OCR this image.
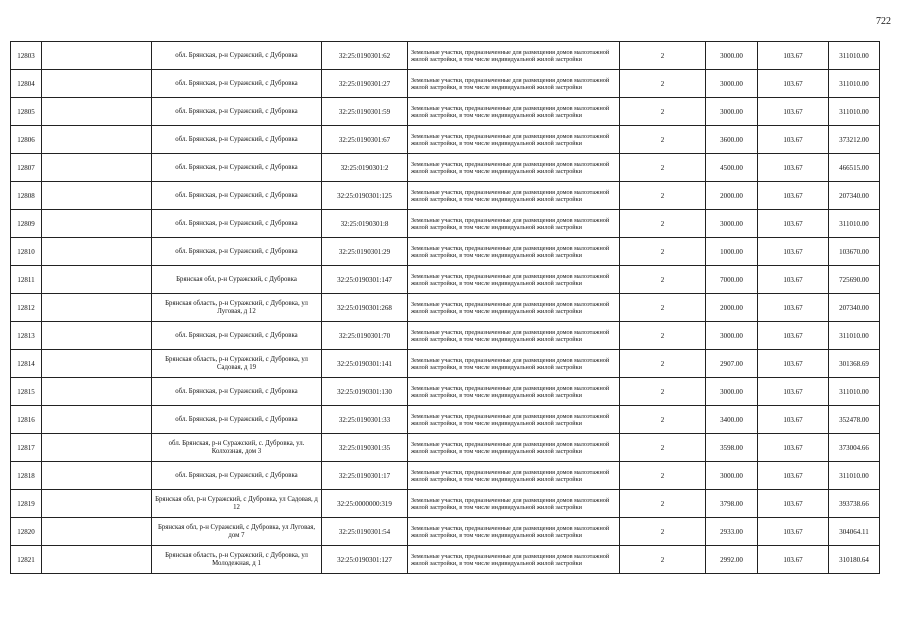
722
12803		обл. Брянская, р-н Суражский, с Дубровка	32:25:0190301:62	Земельные участки, предназначенные для размещения домов малоэтажной жилой застройки, в том числе индивидуальной жилой застройки	2	3000.00	103.67	311010.00
12804		обл. Брянская, р-н Суражский, с Дубровка	32:25:0190301:27	Земельные участки, предназначенные для размещения домов малоэтажной жилой застройки, в том числе индивидуальной жилой застройки	2	3000.00	103.67	311010.00
12805		обл. Брянская, р-н Суражский, с Дубровка	32:25:0190301:59	Земельные участки, предназначенные для размещения домов малоэтажной жилой застройки, в том числе индивидуальной жилой застройки	2	3000.00	103.67	311010.00
12806		обл. Брянская, р-н Суражский, с Дубровка	32:25:0190301:67	Земельные участки, предназначенные для размещения домов малоэтажной жилой застройки, в том числе индивидуальной жилой застройки	2	3600.00	103.67	373212.00
12807		обл. Брянская, р-н Суражский, с Дубровка	32:25:0190301:2	Земельные участки, предназначенные для размещения домов малоэтажной жилой застройки, в том числе индивидуальной жилой застройки	2	4500.00	103.67	466515.00
12808		обл. Брянская, р-н Суражский, с Дубровка	32:25:0190301:125	Земельные участки, предназначенные для размещения домов малоэтажной жилой застройки, в том числе индивидуальной жилой застройки	2	2000.00	103.67	207340.00
12809		обл. Брянская, р-н Суражский, с Дубровка	32:25:0190301:8	Земельные участки, предназначенные для размещения домов малоэтажной жилой застройки, в том числе индивидуальной жилой застройки	2	3000.00	103.67	311010.00
12810		обл. Брянская, р-н Суражский, с Дубровка	32:25:0190301:29	Земельные участки, предназначенные для размещения домов малоэтажной жилой застройки, в том числе индивидуальной жилой застройки	2	1000.00	103.67	103670.00
12811		Брянская обл, р-н Суражский, с Дубровка	32:25:0190301:147	Земельные участки, предназначенные для размещения домов малоэтажной жилой застройки, в том числе индивидуальной жилой застройки	2	7000.00	103.67	725690.00
12812		Брянская область, р-н Суражский, с Дубровка, ул Луговая, д 12	32:25:0190301:268	Земельные участки, предназначенные для размещения домов малоэтажной жилой застройки, в том числе индивидуальной жилой застройки	2	2000.00	103.67	207340.00
12813		обл. Брянская, р-н Суражский, с Дубровка	32:25:0190301:70	Земельные участки, предназначенные для размещения домов малоэтажной жилой застройки, в том числе индивидуальной жилой застройки	2	3000.00	103.67	311010.00
12814		Брянская область, р-н Суражский, с Дубровка, ул Садовая, д 19	32:25:0190301:141	Земельные участки, предназначенные для размещения домов малоэтажной жилой застройки, в том числе индивидуальной жилой застройки	2	2907.00	103.67	301368.69
12815		обл. Брянская, р-н Суражский, с Дубровка	32:25:0190301:130	Земельные участки, предназначенные для размещения домов малоэтажной жилой застройки, в том числе индивидуальной жилой застройки	2	3000.00	103.67	311010.00
12816		обл. Брянская, р-н Суражский, с Дубровка	32:25:0190301:33	Земельные участки, предназначенные для размещения домов малоэтажной жилой застройки, в том числе индивидуальной жилой застройки	2	3400.00	103.67	352478.00
12817		обл. Брянская, р-н Суражский, с. Дубровка, ул. Колхозная, дом 3	32:25:0190301:35	Земельные участки, предназначенные для размещения домов малоэтажной жилой застройки, в том числе индивидуальной жилой застройки	2	3598.00	103.67	373004.66
12818		обл. Брянская, р-н Суражский, с Дубровка	32:25:0190301:17	Земельные участки, предназначенные для размещения домов малоэтажной жилой застройки, в том числе индивидуальной жилой застройки	2	3000.00	103.67	311010.00
12819		Брянская обл, р-н Суражский, с Дубровка, ул Садовая, д 12	32:25:0000000:319	Земельные участки, предназначенные для размещения домов малоэтажной жилой застройки, в том числе индивидуальной жилой застройки	2	3798.00	103.67	393738.66
12820		Брянская обл, р-н Суражский, с Дубровка, ул Луговая, дом 7	32:25:0190301:54	Земельные участки, предназначенные для размещения домов малоэтажной жилой застройки, в том числе индивидуальной жилой застройки	2	2933.00	103.67	304064.11
12821		Брянская область, р-н Суражский, с Дубровка, ул Молодежная, д 1	32:25:0190301:127	Земельные участки, предназначенные для размещения домов малоэтажной жилой застройки, в том числе индивидуальной жилой застройки	2	2992.00	103.67	310180.64
